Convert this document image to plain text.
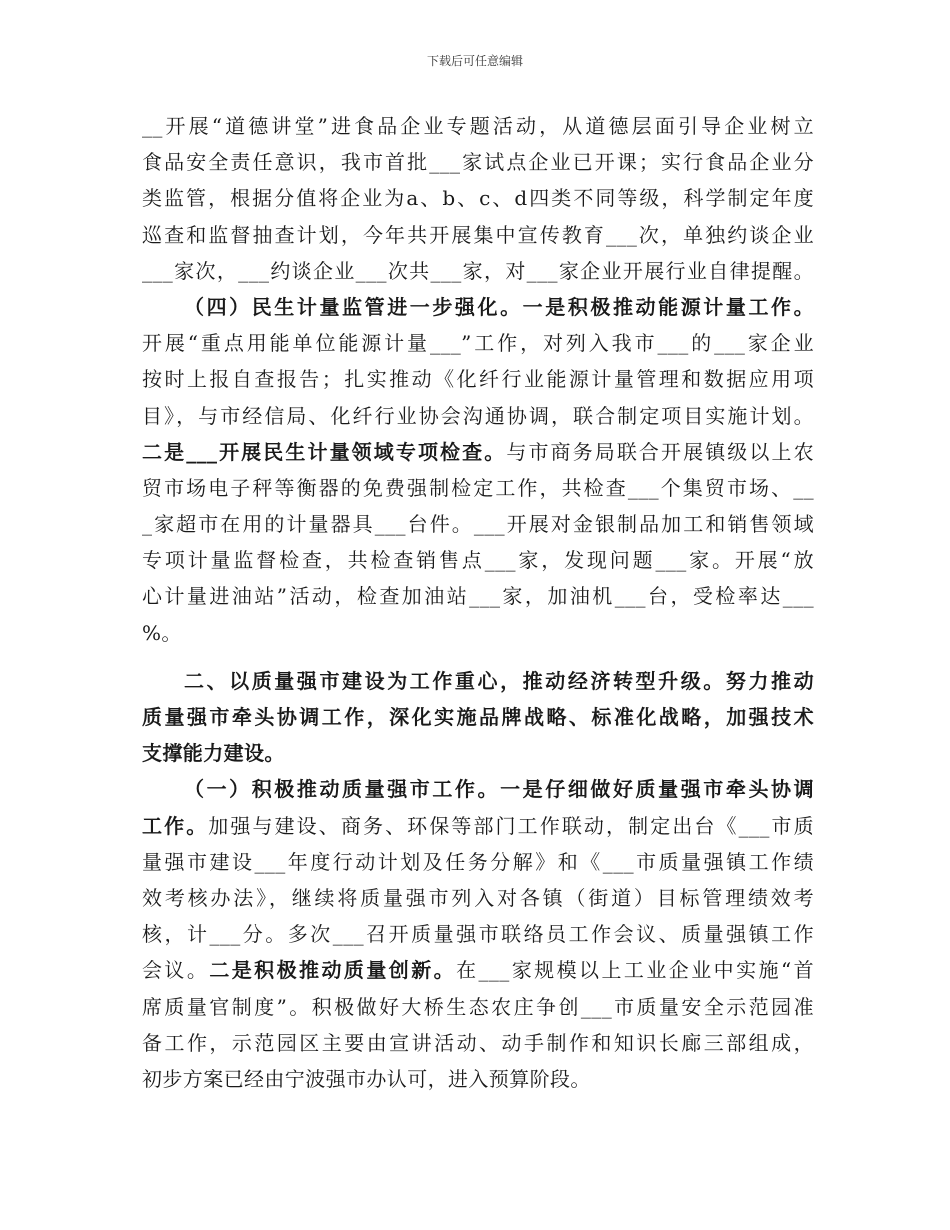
下载后可任意编辑
__开展“道德讲堂”进食品企业专题活动，从道德层面引导企业树立
食品安全责任意识，我市首批___家试点企业已开课；实行食品企业分
类监管，根据分值将企业为a、b、c、d四类不同等级，科学制定年度
巡查和监督抽查计划，今年共开展集中宣传教育___次，单独约谈企业
___家次，___约谈企业___次共___家，对___家企业开展行业自律提醒。
（四）民生计量监管进一步强化。一是积极推动能源计量工作。
开展“重点用能单位能源计量___”工作，对列入我市___的___家企业
按时上报自查报告；扎实推动《化纤行业能源计量管理和数据应用项
目》，与市经信局、化纤行业协会沟通协调，联合制定项目实施计划。
二是___开展民生计量领域专项检查。与市商务局联合开展镇级以上农
贸市场电子秤等衡器的免费强制检定工作，共检查___个集贸市场、__
_家超市在用的计量器具___台件。___开展对金银制品加工和销售领域
专项计量监督检查，共检查销售点___家，发现问题___家。开展“放
心计量进油站”活动，检查加油站___家，加油机___台，受检率达___
%。
二、以质量强市建设为工作重心，推动经济转型升级。努力推动
质量强市牵头协调工作，深化实施品牌战略、标准化战略，加强技术
支撑能力建设。
（一）积极推动质量强市工作。一是仔细做好质量强市牵头协调
工作。加强与建设、商务、环保等部门工作联动，制定出台《___市质
量强市建设___年度行动计划及任务分解》和《___市质量强镇工作绩
效考核办法》，继续将质量强市列入对各镇（街道）目标管理绩效考
核，计___分。多次___召开质量强市联络员工作会议、质量强镇工作
会议。二是积极推动质量创新。在___家规模以上工业企业中实施“首
席质量官制度”。积极做好大桥生态农庄争创___市质量安全示范园准
备工作，示范园区主要由宣讲活动、动手制作和知识长廊三部组成，
初步方案已经由宁波强市办认可，进入预算阶段。
